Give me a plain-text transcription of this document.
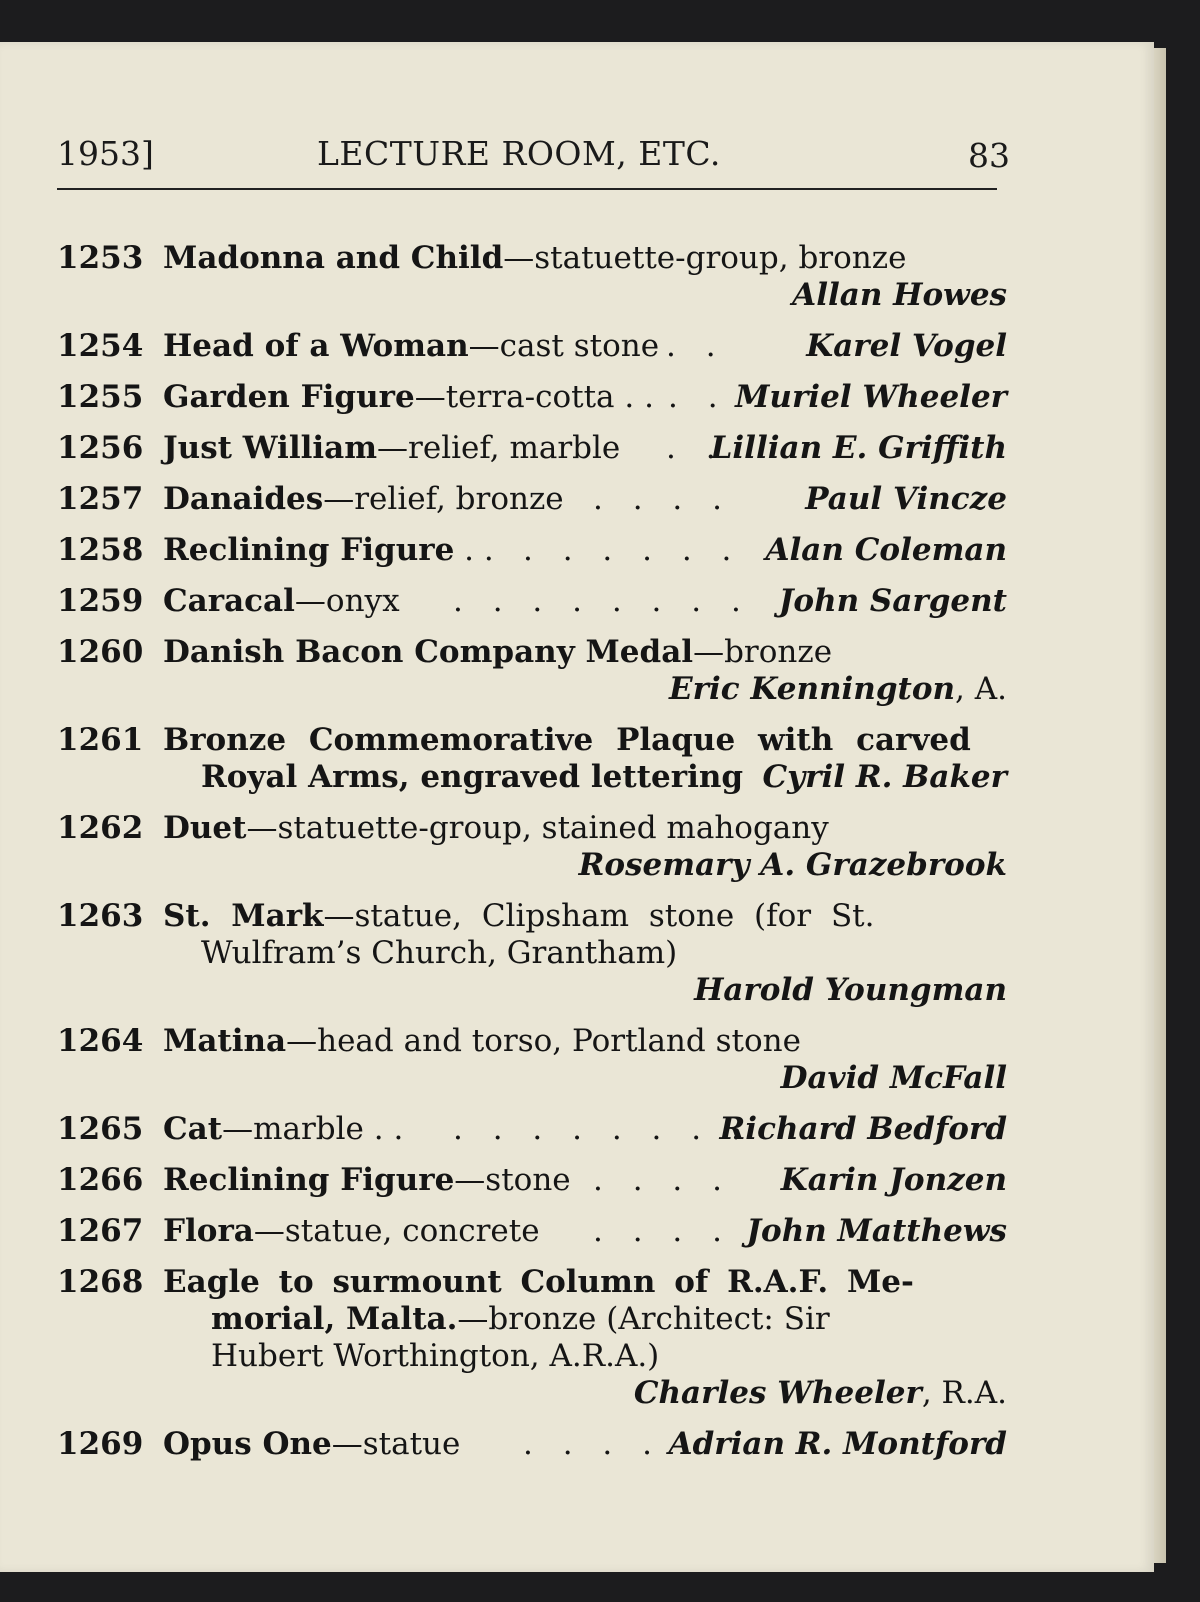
1953]	LECTURE ROOM, ETC.	83
1253 Madonna and Child—statuette-group, bronze
Allan Howes
1254 Head of a Woman—cast stone . .	Karel Vogel
1255 Garden Figure—terra-cotta . . . . Muriel Wheeler
1256 Just William—relief, marble . .
Lillian E. Griffith
1257 Danaides—relief, bronze . . . . Paul Vincze
1258 Reclining Figure . . . . . . . . Alan Coleman
1259 Caracal—onyx . . . . . . . . John Sargent
1260 Danish Bacon Company Medal—bronze
Eric Kennington, A.
1261 Bronze Commemorative Plaque with carved
Royal Arms, engraved lettering Cyril R. Baker
1262 Duet—statuette-group, stained mahogany
Rosemary A. Grazebrook
1263 St. Mark—statue, Clipsham stone (for St.
Wulfram’s Church, Grantham)
Harold Youngman
1264 Matina—head and torso, Portland stone
David McFall
1265 Cat—marble . . . . . . . . . .
Richard Bedford
1266 Reclining Figure—stone . . . . Karin Jonzen
1267 Flora—statue, concrete . . . . John Matthews
1268 Eagle to surmount Column of R.A.F. Me-
morial, Malta.—bronze (Architect: Sir
Hubert Worthington, A.R.A.)
Charles Wheeler, R.A.
1269 Opus One—statue . . . . Adrian R. Montford
